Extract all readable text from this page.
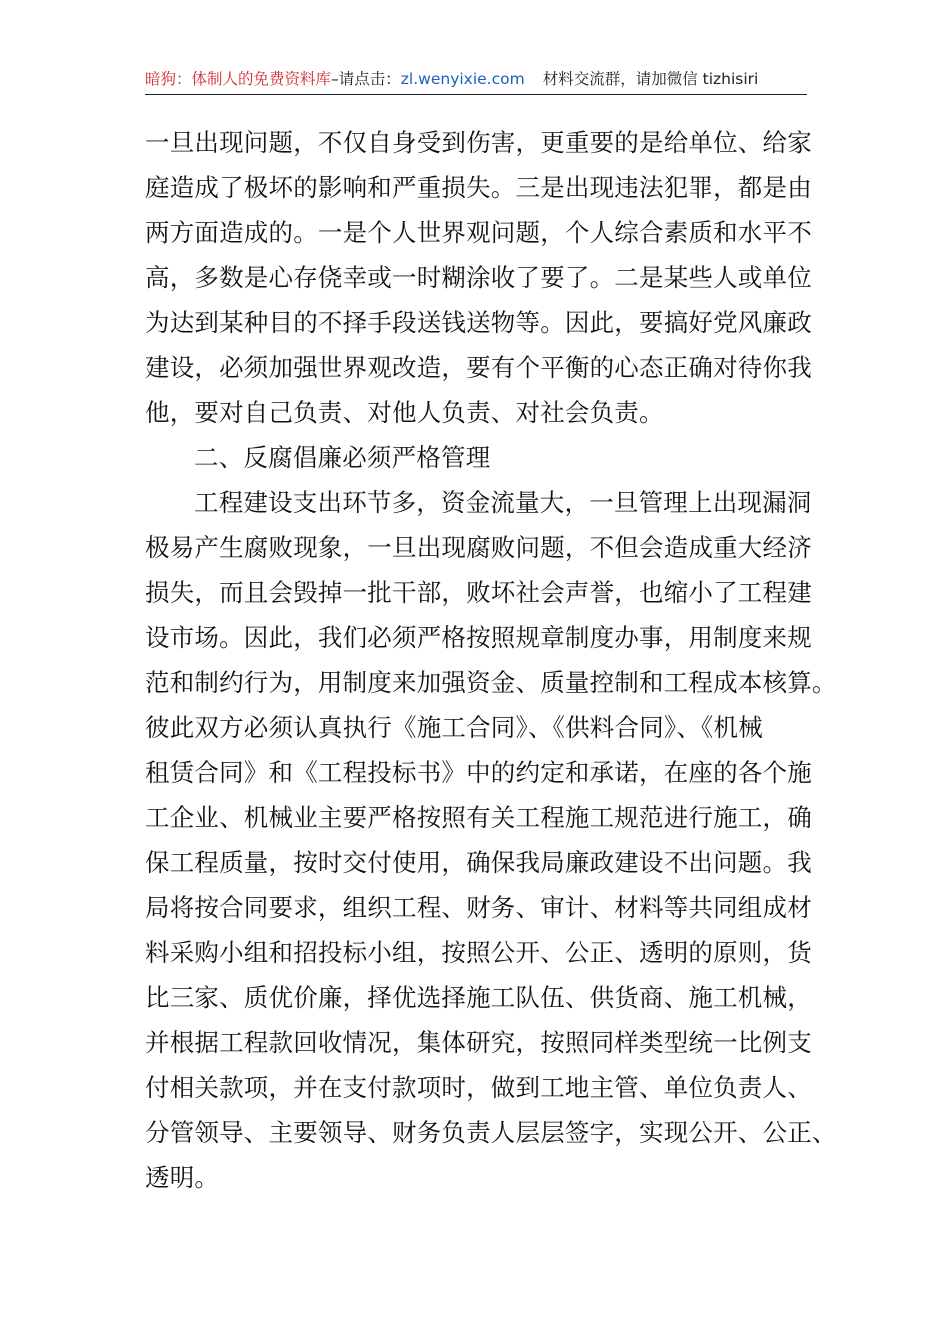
暗狗：体制人的免费资料库–请点击：zl.wenyixie.com 材料交流群，请加微信 tizhisiri
一旦出现问题，不仅自身受到伤害，更重要的是给单位、给家
庭造成了极坏的影响和严重损失。三是出现违法犯罪，都是由
两方面造成的。一是个人世界观问题，个人综合素质和水平不
高，多数是心存侥幸或一时糊涂收了要了。二是某些人或单位
为达到某种目的不择手段送钱送物等。因此，要搞好党风廉政
建设，必须加强世界观改造，要有个平衡的心态正确对待你我
他，要对自己负责、对他人负责、对社会负责。
二、反腐倡廉必须严格管理
工程建设支出环节多，资金流量大，一旦管理上出现漏洞
极易产生腐败现象，一旦出现腐败问题，不但会造成重大经济
损失，而且会毁掉一批干部，败坏社会声誉，也缩小了工程建
设市场。因此，我们必须严格按照规章制度办事，用制度来规
范和制约行为，用制度来加强资金、质量控制和工程成本核算。
彼此双方必须认真执行《施工合同》、《供料合同》、《机械
租赁合同》和《工程投标书》中的约定和承诺，在座的各个施
工企业、机械业主要严格按照有关工程施工规范进行施工，确
保工程质量，按时交付使用，确保我局廉政建设不出问题。我
局将按合同要求，组织工程、财务、审计、材料等共同组成材
料采购小组和招投标小组，按照公开、公正、透明的原则，货
比三家、质优价廉，择优选择施工队伍、供货商、施工机械，
并根据工程款回收情况，集体研究，按照同样类型统一比例支
付相关款项，并在支付款项时，做到工地主管、单位负责人、
分管领导、主要领导、财务负责人层层签字，实现公开、公正、
透明。
